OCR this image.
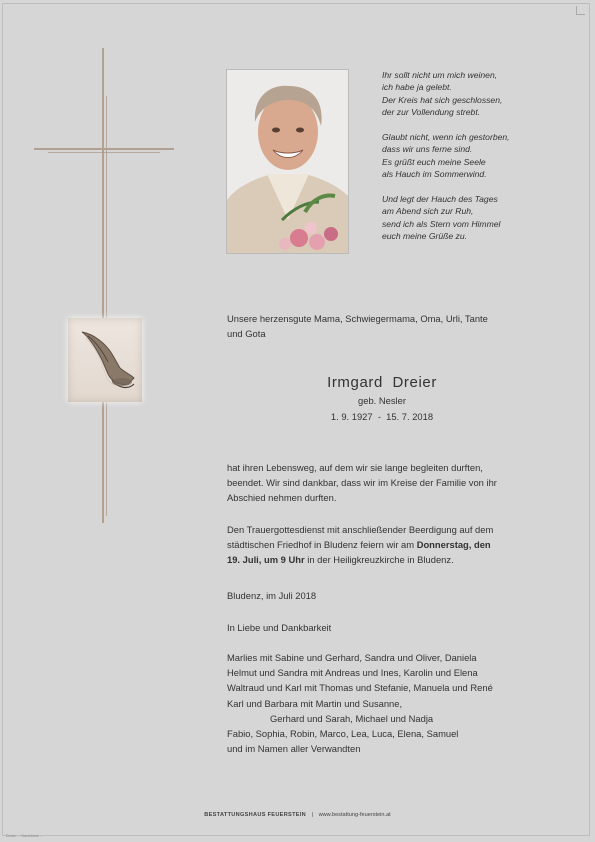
Ihr sollt nicht um mich weinen,
ich habe ja gelebt.
Der Kreis hat sich geschlossen,
der zur Vollendung strebt.
Glaubt nicht, wenn ich gestorben,
dass wir uns ferne sind.
Es grüßt euch meine Seele
als Hauch im Sommerwind.
Und legt der Hauch des Tages
am Abend sich zur Ruh,
send ich als Stern vom Himmel
euch meine Grüße zu.
Unsere herzensgute Mama, Schwiegermama, Oma, Urli, Tante
und Gota
Irmgard  Dreier
geb. Nesler
1. 9. 1927  -  15. 7. 2018
hat ihren Lebensweg, auf dem wir sie lange begleiten durften,
beendet. Wir sind dankbar, dass wir im Kreise der Familie von ihr
Abschied nehmen durften.
Den Trauergottesdienst mit anschließender Beerdigung auf dem
städtischen Friedhof in Bludenz feiern wir am Donnerstag, den
19. Juli, um 9 Uhr in der Heiligkreuzkirche in Bludenz.
Bludenz, im Juli 2018
In Liebe und Dankbarkeit
Marlies mit Sabine und Gerhard, Sandra und Oliver, Daniela
Helmut und Sandra mit Andreas und Ines, Karolin und Elena
Waltraud und Karl mit Thomas und Stefanie, Manuela und René
Karl und Barbara mit Martin und Susanne,
Gerhard und Sarah, Michael und Nadja
Fabio, Sophia, Robin, Marco, Lea, Luca, Elena, Samuel
und im Namen aller Verwandten
BESTATTUNGSHAUS FEUERSTEIN | www.bestattung-feuerstein.at
Druck: ... Nachdruck ...
